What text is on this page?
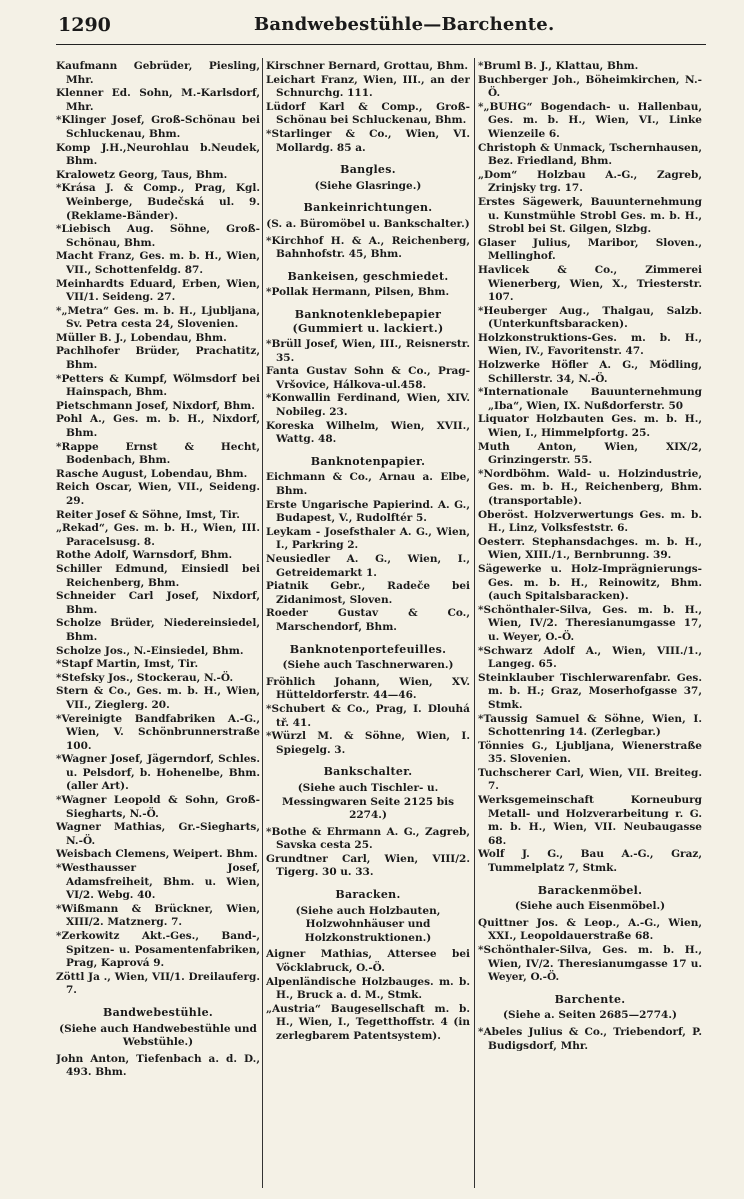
1290	Bandwebestühle—Barchente.

Kaufmann Gebrüder, Piesling, Mhr.

Klenner Ed. Sohn, M.-Karlsdorf, Mhr.

*Klinger Josef, Groß-Schönau bei Schluckenau, Bhm.

Komp J.H.,Neurohlau b.Neudek, Bhm.

Kralowetz Georg, Taus, Bhm.

*Krása J. & Comp., Prag, Kgl. Weinberge, Budečská ul. 9. (Reklame-Bänder).

*Liebisch Aug. Söhne, Groß-Schönau, Bhm.

Macht Franz, Ges. m. b. H., Wien, VII., Schottenfeldg. 87.

Meinhardts Eduard, Erben, Wien, VII/1. Seideng. 27.

*„Metra“ Ges. m. b. H., Ljubljana, Sv. Petra cesta 24, Slovenien.

Müller B. J., Lobendau, Bhm.

Pachlhofer Brüder, Prachatitz, Bhm.

*Petters & Kumpf, Wölmsdorf bei Hainspach, Bhm.

Pietschmann Josef, Nixdorf, Bhm.

Pohl A., Ges. m. b. H., Nixdorf, Bhm.

*Rappe Ernst & Hecht, Bodenbach, Bhm.

Rasche August, Lobendau, Bhm.

Reich Oscar, Wien, VII., Seideng. 29.

Reiter Josef & Söhne, Imst, Tir.

„Rekad“, Ges. m. b. H., Wien, III. Paracelsusg. 8.

Rothe Adolf, Warnsdorf, Bhm.

Schiller Edmund, Einsiedl bei Reichenberg, Bhm.

Schneider Carl Josef, Nixdorf, Bhm.

Scholze Brüder, Niedereinsiedel, Bhm.

Scholze Jos., N.-Einsiedel, Bhm.

*Stapf Martin, Imst, Tir.

*Stefsky Jos., Stockerau, N.-Ö.

Stern & Co., Ges. m. b. H., Wien, VII., Zieglerg. 20.

*Vereinigte Bandfabriken A.-G., Wien, V. Schönbrunnerstraße 100.

*Wagner Josef, Jägerndorf, Schles. u. Pelsdorf, b. Hohenelbe, Bhm. (aller Art).

*Wagner Leopold & Sohn, Groß-Siegharts, N.-Ö.

Wagner Mathias, Gr.-Siegharts, N.-Ö.

Weisbach Clemens, Weipert. Bhm.

*Westhausser Josef, Adamsfreiheit, Bhm. u. Wien, VI/2. Webg. 40.

*Wißmann & Brückner, Wien, XIII/2. Matznerg. 7.

*Zerkowitz Akt.-Ges., Band-, Spitzen- u. Posamentenfabriken, Prag, Kaprová 9.

Zöttl Ja ., Wien, VII/1. Dreilauferg. 7.

Bandwebestühle.

(Siehe auch Handwebestühle und Webstühle.)

John Anton, Tiefenbach a. d. D., 493. Bhm.

Kirschner Bernard, Grottau, Bhm.

Leichart Franz, Wien, III., an der Schnurchg. 111.

Lüdorf Karl & Comp., Groß-Schönau bei Schluckenau, Bhm.

*Starlinger & Co., Wien, VI. Mollardg. 85 a.

Bangles.

(Siehe Glasringe.)

Bankeinrichtungen.

(S. a. Büromöbel u. Bankschalter.)

*Kirchhof H. & A., Reichenberg, Bahnhofstr. 45, Bhm.

Bankeisen, geschmiedet.

*Pollak Hermann, Pilsen, Bhm.

Banknotenklebepapier (Gummiert u. lackiert.)

*Brüll Josef, Wien, III., Reisnerstr. 35.

Fanta Gustav Sohn & Co., Prag-Vršovice, Hálkova-ul.458.

*Konwallin Ferdinand, Wien, XIV. Nobileg. 23.

Koreska Wilhelm, Wien, XVII., Wattg. 48.

Banknotenpapier.

Eichmann & Co., Arnau a. Elbe, Bhm.

Erste Ungarische Papierind. A. G., Budapest, V., Rudolftér 5.

Leykam - Josefsthaler A. G., Wien, I., Parkring 2.

Neusiedler A. G., Wien, I., Getreidemarkt 1.

Piatnik Gebr., Radeče bei Zidanimost, Sloven.

Roeder Gustav & Co., Marschendorf, Bhm.

Banknotenportefeuilles.

(Siehe auch Taschnerwaren.)

Fröhlich Johann, Wien, XV. Hütteldorferstr. 44—46.

*Schubert & Co., Prag, I. Dlouhá tř. 41.

*Würzl M. & Söhne, Wien, I. Spiegelg. 3.

Bankschalter.

(Siehe auch Tischler- u. Messingwaren Seite 2125 bis 2274.)

*Bothe & Ehrmann A. G., Zagreb, Savska cesta 25.

Grundtner Carl, Wien, VIII/2. Tigerg. 30 u. 33.

Baracken.

(Siehe auch Holzbauten, Holzwohnhäuser und Holzkonstruktionen.)

Aigner Mathias, Attersee bei Vöcklabruck, O.-Ö.

Alpenländische Holzbauges. m. b. H., Bruck a. d. M., Stmk.

„Austria“ Baugesellschaft m. b. H., Wien, I., Tegetthoffstr. 4 (in zerlegbarem Patentsystem).

*Bruml B. J., Klattau, Bhm.

Buchberger Joh., Böheimkirchen, N.-Ö.

*„BUHG“ Bogendach- u. Hallenbau, Ges. m. b. H., Wien, VI., Linke Wienzeile 6.

Christoph & Unmack, Tschernhausen, Bez. Friedland, Bhm.

„Dom“ Holzbau A.-G., Zagreb, Zrinjsky trg. 17.

Erstes Sägewerk, Bauunternehmung u. Kunstmühle Strobl Ges. m. b. H., Strobl bei St. Gilgen, Slzbg.

Glaser Julius, Maribor, Sloven., Mellinghof.

Havlicek & Co., Zimmerei Wienerberg, Wien, X., Triesterstr. 107.

*Heuberger Aug., Thalgau, Salzb. (Unterkunftsbaracken).

Holzkonstruktions-Ges. m. b. H., Wien, IV., Favoritenstr. 47.

Holzwerke Höfler A. G., Mödling, Schillerstr. 34, N.-Ö.

*Internationale Bauunternehmung „Iba“, Wien, IX. Nußdorferstr. 50

Liquator Holzbauten Ges. m. b. H., Wien, I., Himmelpfortg. 25.

Muth Anton, Wien, XIX/2, Grinzingerstr. 55.

*Nordböhm. Wald- u. Holzindustrie, Ges. m. b. H., Reichenberg, Bhm. (transportable).

Oberöst. Holzverwertungs Ges. m. b. H., Linz, Volksfeststr. 6.

Oesterr. Stephansdachges. m. b. H., Wien, XIII./1., Bernbrunng. 39.

Sägewerke u. Holz-Imprägnierungs-Ges. m. b. H., Reinowitz, Bhm. (auch Spitalsbaracken).

*Schönthaler-Silva, Ges. m. b. H., Wien, IV/2. Theresianumgasse 17, u. Weyer, O.-Ö.

*Schwarz Adolf A., Wien, VIII./1., Langeg. 65.

Steinklauber Tischlerwarenfabr. Ges. m. b. H.; Graz, Moserhofgasse 37, Stmk.

*Taussig Samuel & Söhne, Wien, I. Schottenring 14. (Zerlegbar.)

Tönnies G., Ljubljana, Wienerstraße 35. Slovenien.

Tuchscherer Carl, Wien, VII. Breiteg. 7.

Werksgemeinschaft Korneuburg Metall- und Holzverarbeitung r. G. m. b. H., Wien, VII. Neubaugasse 68.

Wolf J. G., Bau A.-G., Graz, Tummelplatz 7, Stmk.

Barackenmöbel.

(Siehe auch Eisenmöbel.)

Quittner Jos. & Leop., A.-G., Wien, XXI., Leopoldauerstraße 68.

*Schönthaler-Silva, Ges. m. b. H., Wien, IV/2. Theresianumgasse 17 u. Weyer, O.-Ö.

Barchente.

(Siehe a. Seiten 2685—2774.)

*Abeles Julius & Co., Triebendorf, P. Budigsdorf, Mhr.
